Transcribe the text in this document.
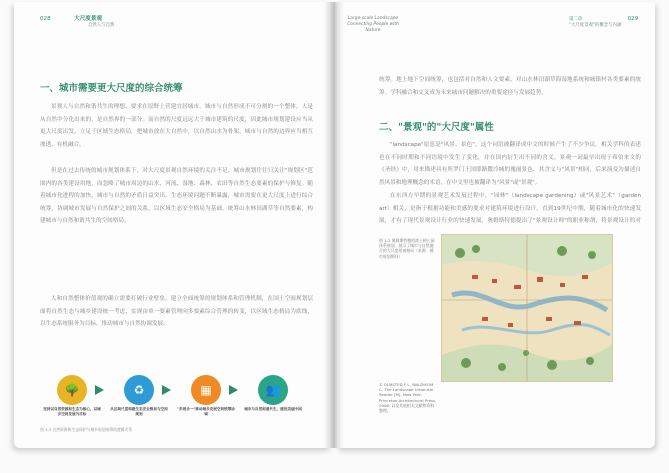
028	大尺度景观
自然人与自然
一、城市需要更大尺度的综合统筹

景观人与自然和谐共生的理想，要求在原野上营建宜居城市，城市与自然形成不可分割的一个整体，人是从自然中分化出来的，是自然界的一部分。而自然的尺度远远大于城市建筑的尺度，因此城市规划建设应当从更大尺度出发，立足于区域生态格局，把城市放在大自然中，以自然山水为骨架，城市与自然的边界应当相互渗透、有机融合。

但是在过去传统的城市规划体系下，对大尺度景观自然环境的关注不足，城市规划往往只关注"规划区"范围内的各类建设用地，而忽略了城市周边的山水、河流、湿地、森林、农田等自然生态要素的保护与修复。随着城市化进程的加快，城市与自然的矛盾日益突出，生态环境问题不断暴露，城市需要在更大尺度上进行综合统筹，协调城市发展与自然保护之间的关系，以区域生态安全格局为基础，统筹山水林田湖草等自然要素，构建城市与自然和谐共生的空间格局。

人和自然整体价值观的确立需要打破行业壁垒，建立全面统筹的规划体系和管理机制，在国土空间规划层面将自然生态与城乡建设统一考虑，实现由单一要素管理向多要素综合管理的转变，以区域生态格局为底线，以生态系统服务为目标，推动城市与自然协调发展。

🌳	♻	▦	👥
坚持以自然资源和生态为核心，以城乡空间发展为目标
从区域尺度构建生态安全格局与空间规划
"多规合一"推动城乡发展空间统筹协调
城市与自然和谐共生，建设美丽中国
图 1-3 自然资源和生态保护与城乡规划统筹的逻辑关系
Large-scale Landscape
Connecting People with Nature
第二章	029
"大尺度景观"的概念与内涵

统筹。地上地下空间统筹，也包括对自然和人文要素、对山水林田湖草海湿地系统和城镇村各类要素的统筹。学科融合和交叉成为未来城市问题解决的重要途径与发展趋势。

二、"景观"的"大尺度"属性

"landscape"原意是"风景、景色"，这个词语被翻译成中文的时候产生了不少争议。相关学科的表述也在不同时期和不同语境中发生了变化，并在国内衍生出不同的含义。景观一词最早出现于希伯来文的《圣经》中，用来描述具有所罗门王国耶路撒冷城的瑰丽景色，其含义与"风景"相同，后来演变为描述自然风景和地理概念的术语，在中文里也被翻译为"风景"或"景观"。

在东西方早期的景观艺术发展过程中，"园林"（landscape gardening）或"风景艺术"（garden art）相关，是指于根据功能和美感的要求对建筑环境进行设计，直到19世纪中期，随着城市化的快速发展，才有了现代景观设计行业的快速发展，奥姆斯特德提出了"景观设计师"的职业称谓，将景观设计的对

图 1-2 奥姆斯特德的波士顿公园体系规划，展示了城市与自然融合的大尺度景观格局（来源：城市规划期刊）
① OLMSTED F L, WALDHEIM C. The Landscape Urbanism Reader [M]. New York: Princeton Architectural Press, 2006. 以及其他相关文献和资料整理。
